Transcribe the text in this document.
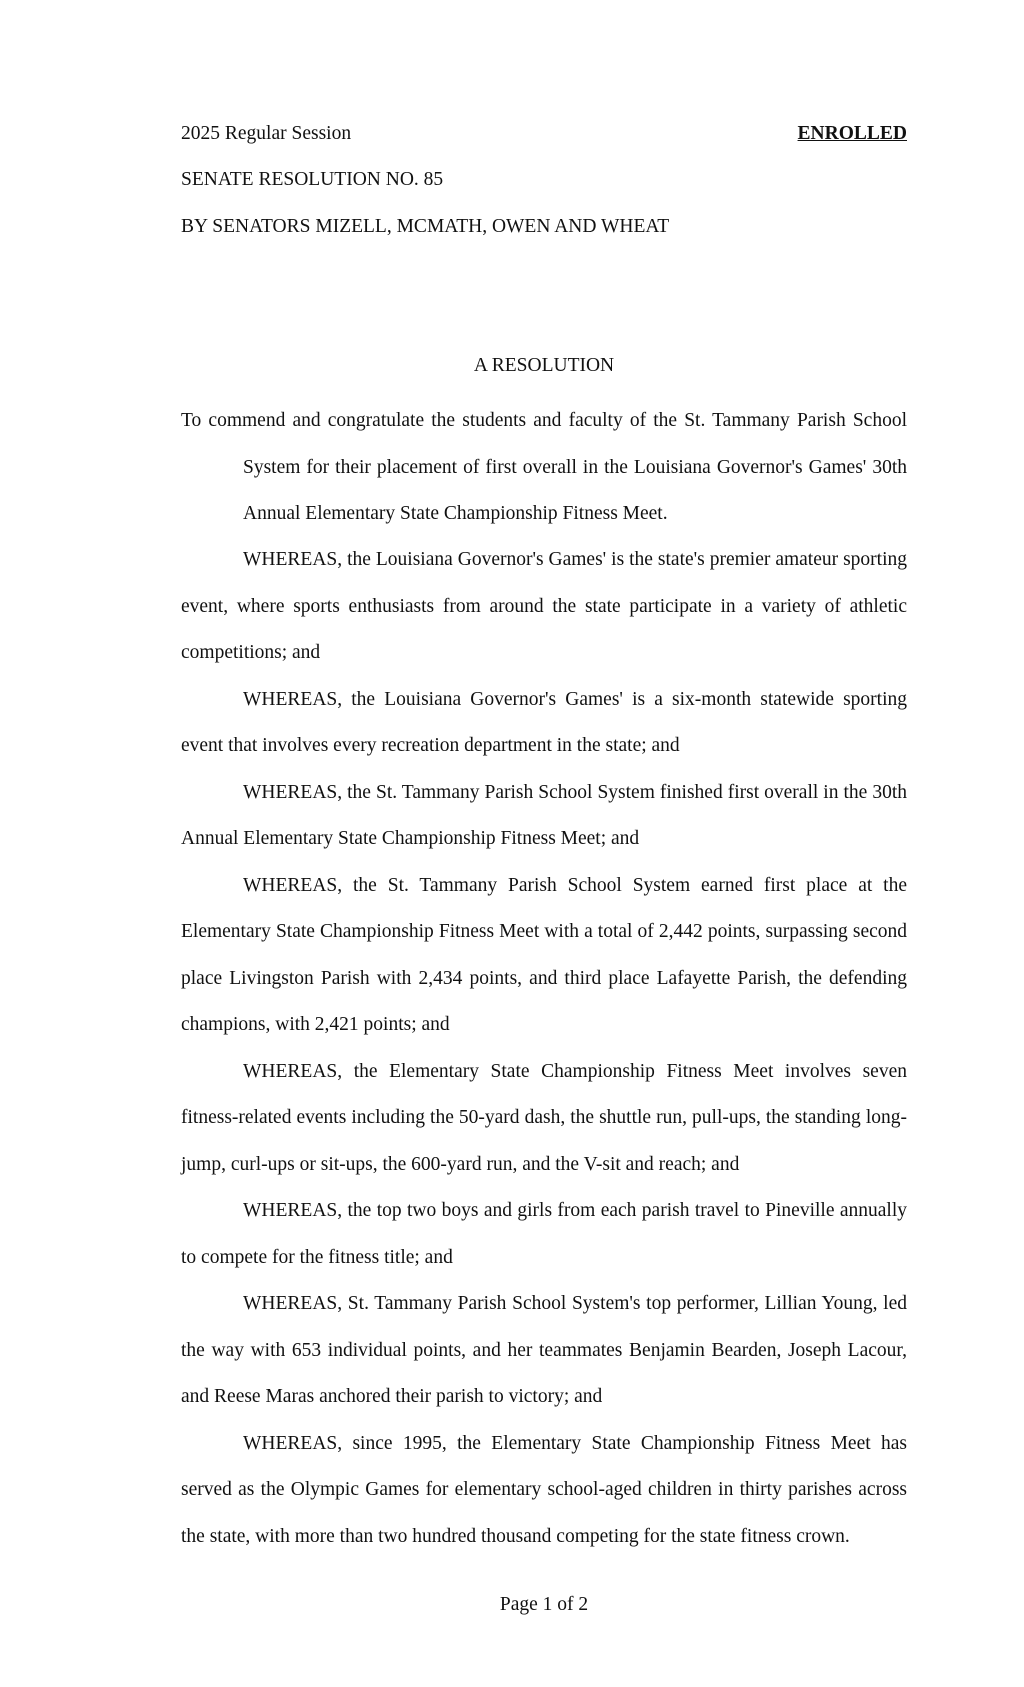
2025 Regular Session	ENROLLED
SENATE RESOLUTION NO. 85
BY SENATORS MIZELL, MCMATH, OWEN AND WHEAT
A RESOLUTION
To commend and congratulate the students and faculty of the St. Tammany Parish School System for their placement of first overall in the Louisiana Governor's Games' 30th Annual Elementary State Championship Fitness Meet.

WHEREAS, the Louisiana Governor's Games' is the state's premier amateur sporting event, where sports enthusiasts from around the state participate in a variety of athletic competitions; and

WHEREAS, the Louisiana Governor's Games' is a six-month statewide sporting event that involves every recreation department in the state; and

WHEREAS, the St. Tammany Parish School System finished first overall in the 30th Annual Elementary State Championship Fitness Meet; and

WHEREAS, the St. Tammany Parish School System earned first place at the Elementary State Championship Fitness Meet with a total of 2,442 points, surpassing second place Livingston Parish with 2,434 points, and third place Lafayette Parish, the defending champions, with 2,421 points; and

WHEREAS, the Elementary State Championship Fitness Meet involves seven fitness-related events including the 50-yard dash, the shuttle run, pull-ups, the standing long-jump, curl-ups or sit-ups, the 600-yard run, and the V-sit and reach; and

WHEREAS, the top two boys and girls from each parish travel to Pineville annually to compete for the fitness title; and

WHEREAS, St. Tammany Parish School System's top performer, Lillian Young, led the way with 653 individual points, and her teammates Benjamin Bearden, Joseph Lacour, and Reese Maras anchored their parish to victory; and

WHEREAS, since 1995, the Elementary State Championship Fitness Meet has served as the Olympic Games for elementary school-aged children in thirty parishes across the state, with more than two hundred thousand competing for the state fitness crown.

Page 1 of 2
